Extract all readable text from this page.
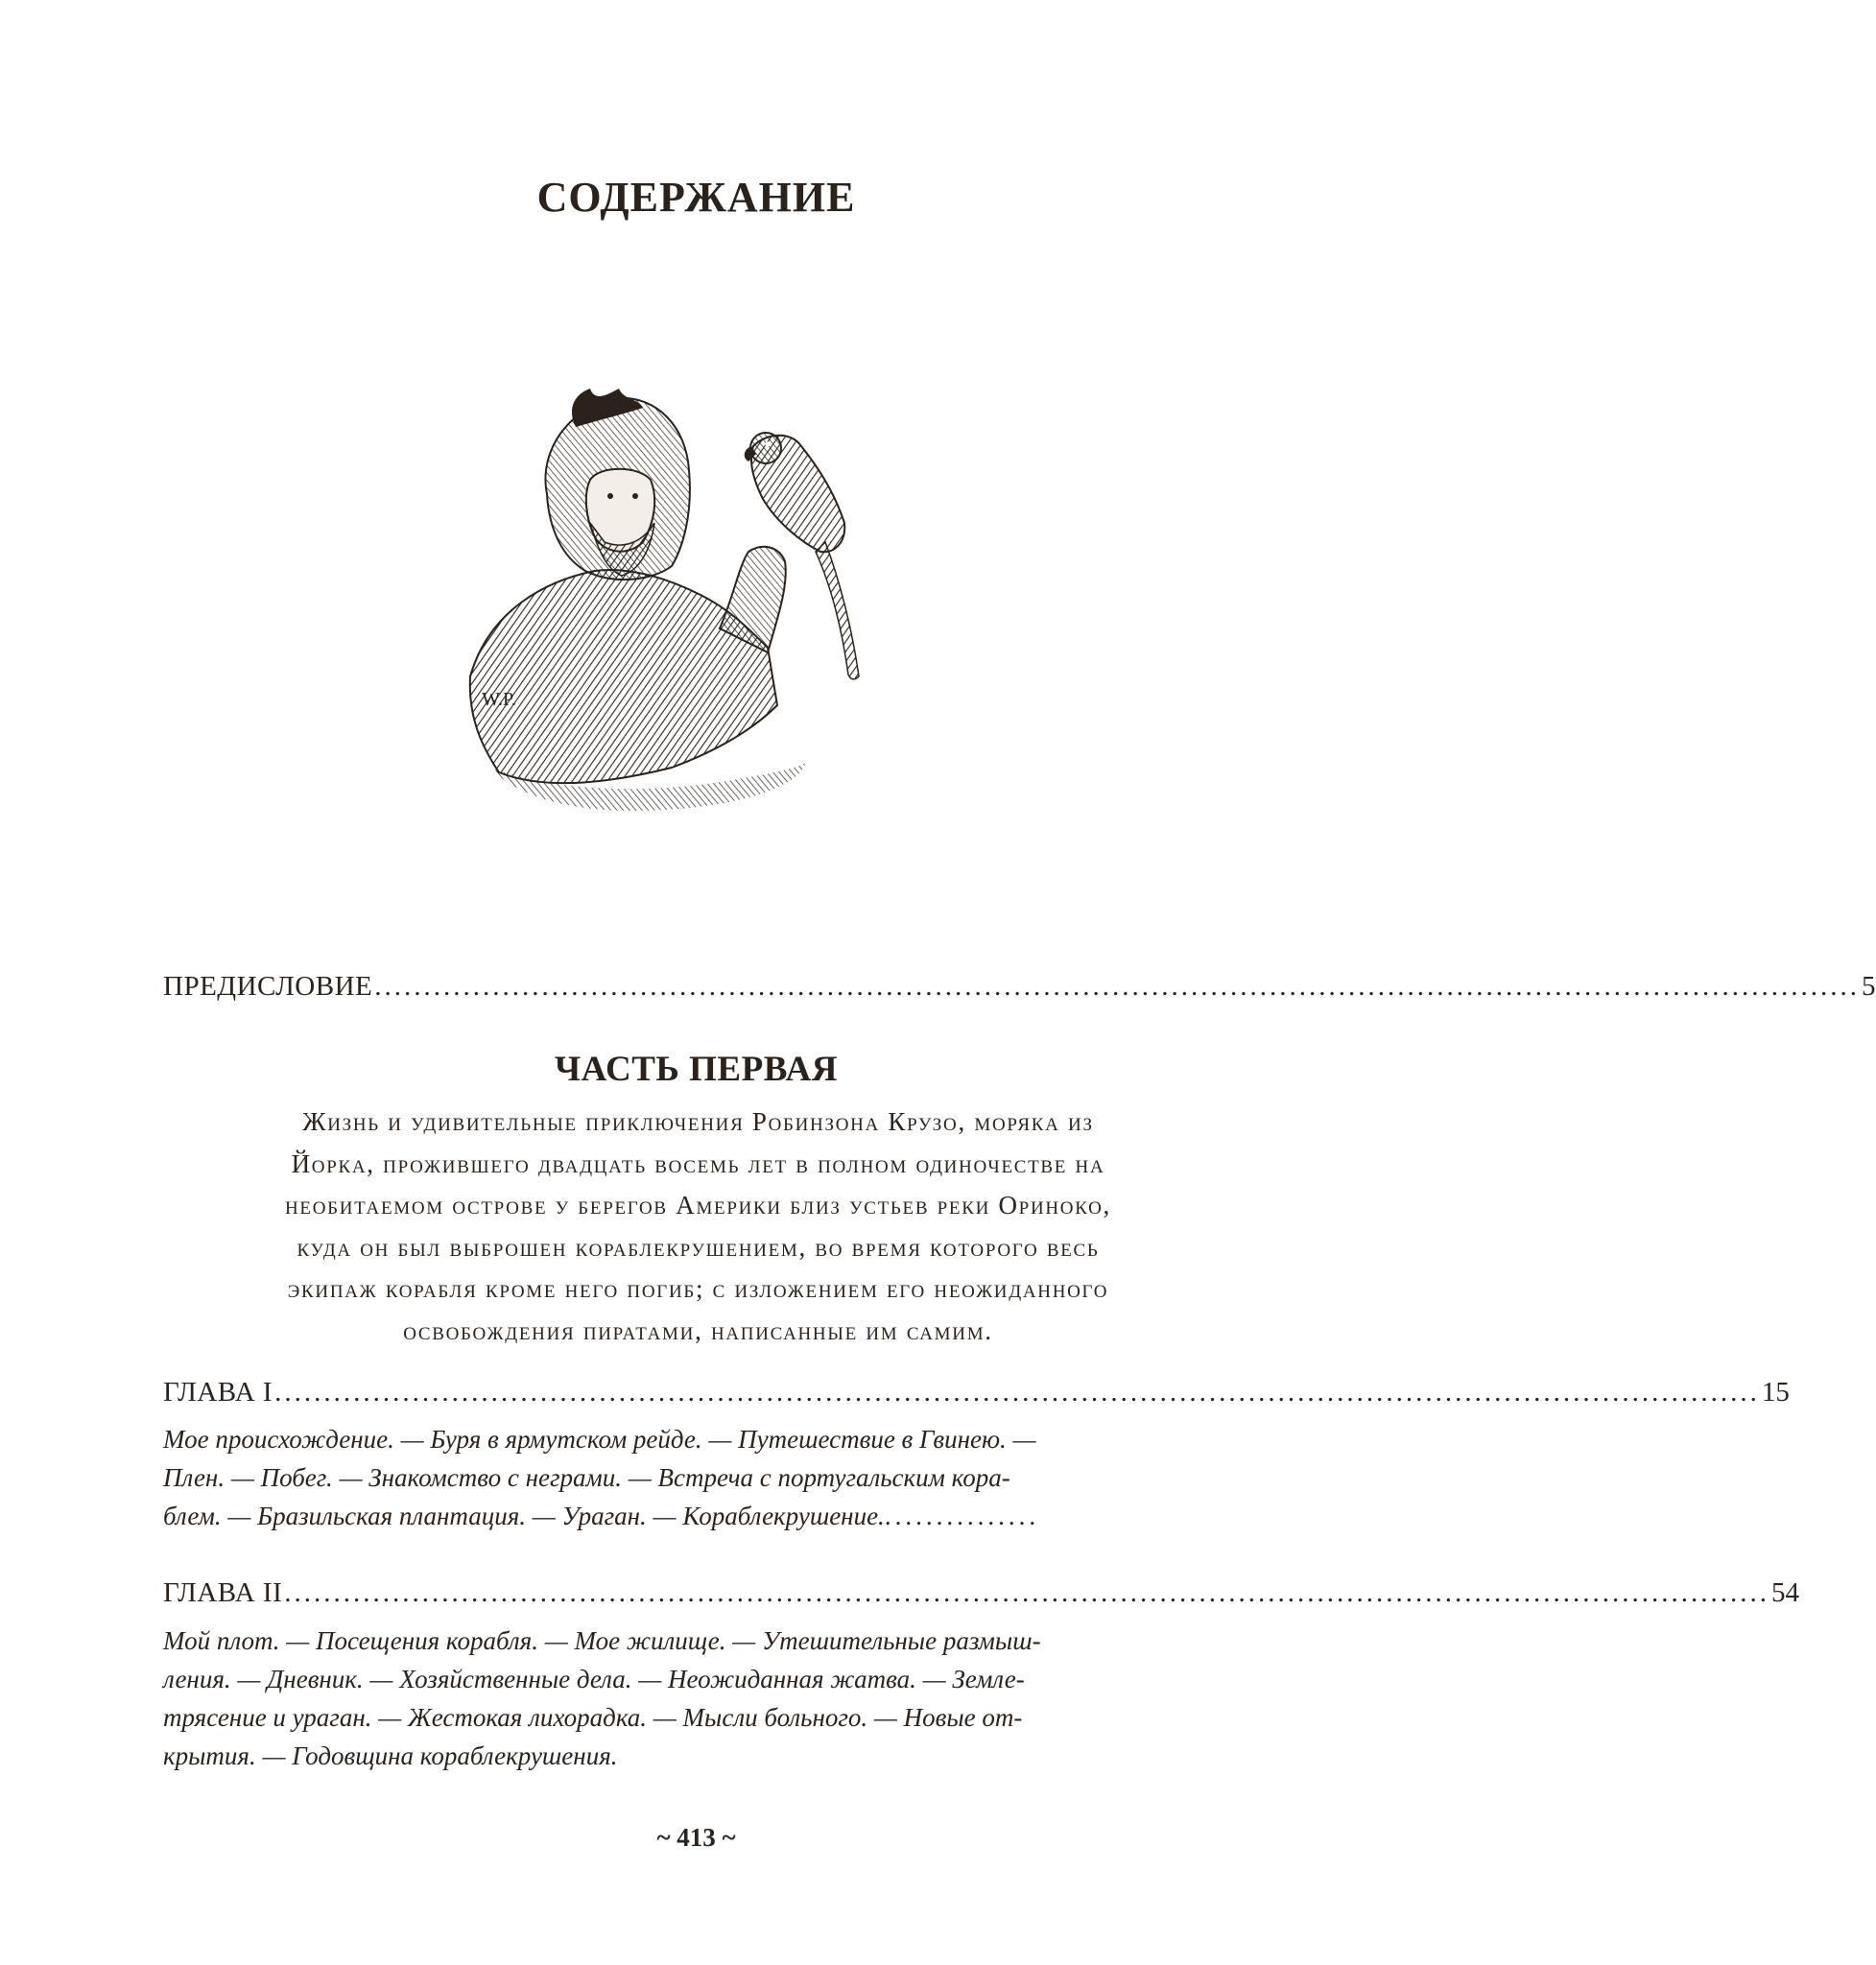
СОДЕРЖАНИЕ
W.P.
ПРЕДИСЛОВИЕ ....................................................................................................................................................... 5
ЧАСТЬ ПЕРВАЯ
Жизнь и удивительные приключения Робинзона Крузо, моряка из
Йорка, прожившего двадцать восемь лет в полном одиночестве на
необитаемом острове у берегов Америки близ устьев реки Ориноко,
куда он был выброшен кораблекрушением, во время которого весь
экипаж корабля кроме него погиб; с изложением его неожиданного
освобождения пиратами, написанные им самим.
ГЛАВА I ....................................................................................................................................................... 15
Мое происхождение. — Буря в ярмутском рейде. — Путешествие в Гвинею. —
Плен. — Побег. — Знакомство с неграми. — Встреча с португальским кора-
блем. — Бразильская плантация. — Ураган. — Кораблекрушение................
ГЛАВА II ....................................................................................................................................................... 54
Мой плот. — Посещения корабля. — Мое жилище. — Утешительные размыш-
ления. — Дневник. — Хозяйственные дела. — Неожиданная жатва. — Земле-
трясение и ураган. — Жестокая лихорадка. — Мысли больного. — Новые от-
крытия. — Годовщина кораблекрушения.
~ 413 ~
